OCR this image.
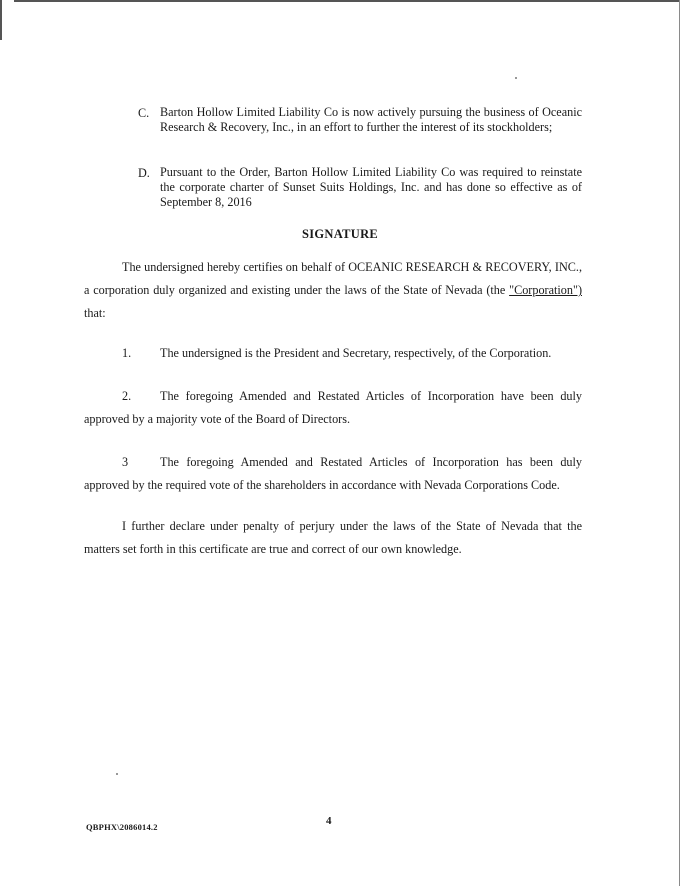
C. Barton Hollow Limited Liability Co is now actively pursuing the business of Oceanic Research & Recovery, Inc., in an effort to further the interest of its stockholders;
D. Pursuant to the Order, Barton Hollow Limited Liability Co was required to reinstate the corporate charter of Sunset Suits Holdings, Inc. and has done so effective as of September 8, 2016
SIGNATURE
The undersigned hereby certifies on behalf of OCEANIC RESEARCH & RECOVERY, INC., a corporation duly organized and existing under the laws of the State of Nevada (the "Corporation") that:
1.	The undersigned is the President and Secretary, respectively, of the Corporation.
2.	The foregoing Amended and Restated Articles of Incorporation have been duly approved by a majority vote of the Board of Directors.
3	The foregoing Amended and Restated Articles of Incorporation has been duly approved by the required vote of the shareholders in accordance with Nevada Corporations Code.
I further declare under penalty of perjury under the laws of the State of Nevada that the matters set forth in this certificate are true and correct of our own knowledge.
4
QBPHX\2086014.2
